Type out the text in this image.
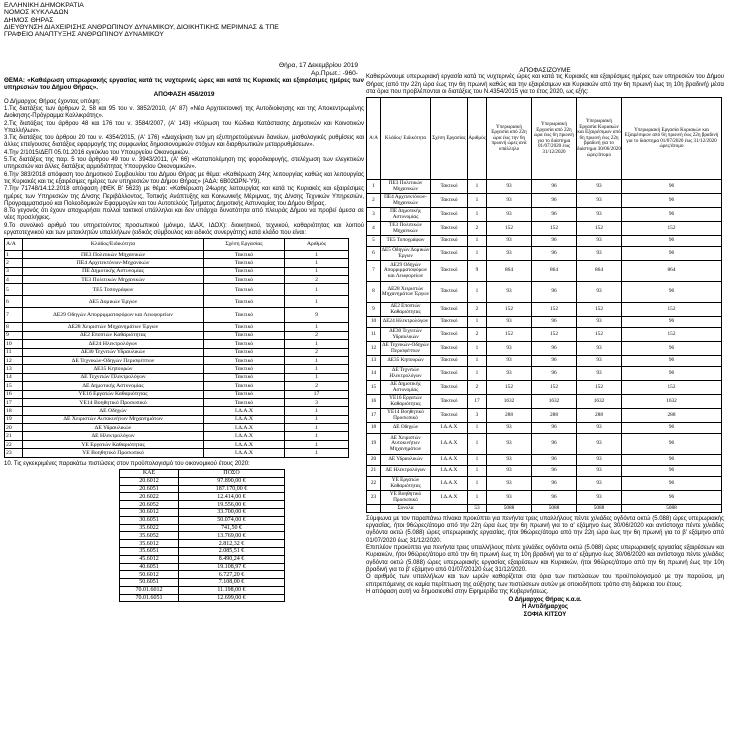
ΕΛΛΗΝΙΚΗ ΔΗΜΟΚΡΑΤΙΑ
ΝΟΜΟΣ ΚΥΚΛΑΔΩΝ
ΔΗΜΟΣ ΘΗΡΑΣ
ΔΙΕΥΘΥΝΣΗ ΔΙΑΧΕΙΡΙΣΗΣ ΑΝΘΡΩΠΙΝΟΥ ΔΥΝΑΜΙΚΟΥ, ΔΙΟΙΚΗΤΙΚΗΣ ΜΕΡΙΜΝΑΣ & ΤΠΕ
ΓΡΑΦΕΙΟ ΑΝΑΠΤΥΞΗΣ ΑΝΘΡΩΠΙΝΟΥ ΔΥΝΑΜΙΚΟΥ
Θήρα, 17 Δεκεμβρίου 2019
Αρ.Πρωτ.: -960-

ΘΕΜΑ: «Καθιέρωση υπερωριακής εργασίας κατά τις νυχτερινές ώρες και κατά τις Κυριακές και εξαιρέσιμες ημέρες των υπηρεσιών του Δήμου Θήρας».

ΑΠΟΦΑΣΗ 456/2019

Ο Δήμαρχος Θήρας έχοντας υπόψη:

1.Τις διατάξεις των άρθρων 2, 58 και 95 του ν. 3852/2010, (Α' 87) «Νέα Αρχιτεκτονική της Αυτοδιοίκησης και της Αποκεντρωμένης Διοίκησης-Πρόγραμμα Καλλικράτης».

2.Τις διατάξεις του άρθρου 48 και 176 του ν. 3584/2007, (Α' 143) «Κύρωση του Κώδικα Κατάστασης Δημοτικών και Κοινοτικών Υπαλλήλων».

3.Τις διατάξεις του άρθρου 20 του ν. 4354/2015, (Α' 176) «Διαχείριση των μη εξυπηρετούμενων δανείων, μισθολογικές ρυθμίσεις και άλλες επείγουσες διατάξεις εφαρμογής της συμφωνίας δημοσιονομικών στόχων και διαρθρωτικών μεταρρυθμίσεων».

4.Την 2/1015/ΔΕΠ 05.01.2016 εγκύκλιο του Υπουργείου Οικονομικών.

5.Τις διατάξεις της παρ. 5 του άρθρου 49 του ν. 3943/2011, (Α' 66) «Καταπολέμηση της φοροδιαφυγής, στελέχωση των ελεγκτικών υπηρεσιών και άλλες διατάξεις αρμοδιότητας Υπουργείου Οικονομικών».

6.Την 383/2018 απόφαση του Δημοτικού Συμβουλίου του Δήμου Θήρας με θέμα: «Καθιέρωση 24ης λειτουργίας καθώς και λειτουργίας τις Κυριακές και τις εξαιρέσιμες ημέρες των υπηρεσιών του Δήμου Θήρας» (ΑΔΑ: 6Β02ΩΡΝ-Ύ9).

7.Την 71748/14.12.2018 απόφαση (ΦΕΚ Β' 5623) με θέμα: «Καθιέρωση 24ωρης λειτουργίας και κατά τις Κυριακές και εξαιρέσιμες ημέρες των Υπηρεσιών της Δ/νσης Περιβάλλοντος, Τοπικής Ανάπτυξης και Κοινωνικής Μέριμνας, της Δ/νσης Τεχνικών Υπηρεσιών, Προγραμματισμού και Πολεοδομικών Εφαρμογών και του Αυτοτελούς Τμήματος Δημοτικής Αστυνομίας του Δήμου Θήρας.

8.Το γεγονός ότι έχουν αποχωρήσει πολλοί τακτικοί υπάλληλοι και δεν υπάρχει δυνατότητα από πλευράς Δήμου να προβεί άμεσα σε νέες προσλήψεις.

9.Το συνολικό αριθμό του υπηρετούντος προσωπικού (μόνιμο, ΙΔΑΧ, ΙΔΟΧ): διοικητικού, τεχνικού, καθαριότητας και λοιπού εργατοτεχνικού και των μετακλητών υπαλλήλων (ειδικός σύμβουλος και ειδικός συνεργάτης) κατά κλάδο που είναι:

Α/Α	Κλάδος/Ειδικότητα	Σχέση Εργασίας	Αριθμός
1	ΠΕ3 Πολιτικών Μηχανικών	Τακτικό	1
2	ΠΕ4 Αρχιτεκτόνων-Μηχανικών	Τακτικό	1
3	ΠΕ Δημοτικής Αστυνομίας	Τακτικό	1
4	ΤΕ3 Πολιτικών Μηχανικών	Τακτικό	2
5	ΤΕ5 Τοπογράφων	Τακτικό	1
6	ΔΕ5 Δομικών Έργων	Τακτικό	1
7	ΔΕ29 Οδηγών Απορριμματοφόρων και Λεωφορείων	Τακτικό	9
8	ΔΕ28 Χειριστών Μηχανημάτων Έργων	Τακτικό	1
9	ΔΕ2 Εποπτών Καθαριότητας	Τακτικό	2
10	ΔΕ24 Ηλεκτρολόγων	Τακτικό	1
11	ΔΕ30 Τεχνιτών Υδραυλικών	Τακτικό	2
12	ΔΕ Τεχνικών-Οδηγών Περισφέπτων	Τακτικό	1
13	ΔΕ35 Κηπουρών	Τακτικό	1
14	ΔΕ Τεχνιτών Πλεκτρολόγων	Τακτικό	1
15	ΔΕ Δημοτικής Αστυνομίας	Τακτικό	2
16	ΥΕ16 Εργατών Καθαριότητας	Τακτικό	17
17	ΥΕ14 Βοηθητικό Προσωπικό	Τακτικό	3
18	ΔΕ Οδηγών	Ι.Δ.Α.Χ	1
19	ΔΕ Χειριστών Αυτοκινήτων Μηχανημάτων	Ι.Δ.Α.Χ	1
20	ΔΕ Υδραυλικών	Ι.Δ.Α.Χ	1
21	ΔΕ Ηλεκτρολόγων	Ι.Δ.Α.Χ	1
22	ΥΕ Εργατών Καθαριότητας	Ι.Δ.Α.Χ	1
23	ΥΕ Βοηθητικό Προσωπικό	Ι.Δ.Α.Χ	1

10. Τις εγκεκριμένες παρακάτω πιστώσεις στον προϋπολογισμό του οικονομικού έτους 2020:

ΚΑΕ	ΠΟΣΟ
20.6012	97.890,00 €
20.6051	187.170,00 €
20.6022	12.414,00 €
20.6052	19.556,00 €
30.6012	33.700,00 €
30.6051	50.074,00 €
35.6022	741,50 €
35.6052	13.769,00 €
35.6012	2.812,32 €
35.6051	2.085,51 €
45.6012	8.490,24 €
40.6051	19.108,97 €
50.6012	6.727,20 €
50.6051	7.108,00 €
70.01.6012	11.198,00 €
70.01.6051	12.699,00 €

ΑΠΟΦΑΣΙΖΟΥΜΕ

Καθιερώνουμε υπερωριακή εργασία κατά τις νυχτερινές ώρες και κατά τις Κυριακές και εξαιρέσιμες ημέρες των υπηρεσιών του Δήμου Θήρας (από την 22η ώρα έως την 6η πρωινή καθώς και την εξαιρέσιμων και Κυριακών από την 6η πρωινή έως τη 10η βραδινή) μέσα στα όρια που προβλέπονται οι διατάξεις του Ν.4354/2015 για το έτος 2020, ως εξής:

Α/Α	Κλάδος/ Ειδικότητα	Σχέση Εργασίας	Αριθμός	Υπερωριακή Εργασία από 22η ώρα έως την 6η πρωινή ώρες ανά υπάλληλο	Υπερωριακή Εργασία από 22η ώρα έως 6η πρωινή για το διάστημα 01/07/2020 έως 31/12/2020	Υπερωριακή Εργασία Κυριακών και Εξαιρέσιμων από 6η πρωινή έως 22η βραδινή για το διάστημα 30/06/2020 ώρες/άτομο	Υπερωριακή Εργασία Κυριακών και Εξαιρέσιμων από 6η πρωινή έως 22η βραδινή για το διάστημα 01/07/2020 έως 31/12/2020 ώρες/άτομο
1	ΠΕ3 Πολιτικών Μηχανικών	Τακτικό	1	93	96	93	96
2	ΠΕ4 Αρχιτεκτόνων-Μηχανικών	Τακτικό	1	93	96	93	96
3	ΠΕ Δημοτικής Αστυνομίας	Τακτικό	1	93	96	93	96
4	ΤΕ3 Πολιτικών Μηχανικών	Τακτικό	2	152	152	152	152
5	ΤΕ5 Τοπογράφων	Τακτικό	1	93	96	93	96
6	ΔΕ5 Οδηγών Δομικών Έργων	Τακτικό	1	93	96	93	96
7	ΔΕ29 Οδηγών Απορριμματοφόρων και Λεωφορείων	Τακτικό	9	864	864	864	864
8	ΔΕ28 Χειριστών Μηχανημάτων Έργων	Τακτικό	1	93	96	93	96
9	ΔΕ2 Εποπτών Καθαριότητας	Τακτικό	2	152	152	152	152
10	ΔΕ24 Ηλεκτρολόγων	Τακτικό	1	93	96	93	96
11	ΔΕ30 Τεχνιτών Υδραυλικών	Τακτικό	2	152	152	152	152
12	ΔΕ Τεχνικών-Οδηγών Περισφέπτων	Τακτικό	1	93	96	93	96
13	ΔΕ35 Κηπουρών	Τακτικό	1	93	96	93	96
14	ΔΕ Τεχνιτών Ηλεκτρολόγων	Τακτικό	1	93	96	93	96
15	ΔΕ Δημοτικής Αστυνομίας	Τακτικό	2	152	152	152	152
16	ΥΕ16 Εργατών Καθαριότητας	Τακτικό	17	1632	1632	1632	1632
17	ΥΕ14 Βοηθητικό Προσωπικό	Τακτικό	3	288	288	288	288
18	ΔΕ Οδηγών	Ι.Δ.Α.Χ	1	93	96	93	96
19	ΔΕ Χειριστών Αυτοκινήτων Μηχανημάτων	Ι.Δ.Α.Χ	1	93	96	93	96
20	ΔΕ Υδραυλικών	Ι.Δ.Α.Χ	1	93	96	93	96
21	ΔΕ Ηλεκτρολόγων	Ι.Δ.Α.Χ	1	93	96	93	96
22	ΥΕ Εργατών Καθαριότητας	Ι.Δ.Α.Χ	1	93	96	93	96
23	ΥΕ Βοηθητικό Προσωπικό	Ι.Δ.Α.Χ	1	93	96	93	96
	Σύνολα		53	5088	5088	5088	5088

Σύμφωνα με τον παραπάνω πίνακα προκύπτει για πενήντα τρεις υπαλλήλους πέντε χιλιάδες ογδόντα οκτώ (5.088) ώρες υπερωριακής εργασίας, ήτοι 96ώρες/άτομο από την 22η ώρα έως την 6η πρωινή για το α' εξάμηνο έως 30/06/2020 και αντίστοιχα πέντε χιλιάδες ογδόντα οκτώ (5.088) ώρες υπερωριακής εργασίας, ήτοι 96ώρες/άτομο από την 22η ώρα έως την 6η πρωινή για το β' εξάμηνο από 01/07/2020 έως 31/12/2020.

Επιπλέον προκύπτει για πενήντα τρεις υπαλλήλους πέντε χιλιάδες ογδόντα οκτώ (5.088) ώρες υπερωριακής εργασίας εξαιρέσεων και Κυριακών, ήτοι 96ώρες/άτομο από την 6η πρωινή έως τη 10η βραδινή για το α' εξάμηνο έως 30/06/2020 και αντίστοιχα πέντε χιλιάδες ογδόντα οκτώ (5.088) ώρες υπερωριακής εργασίας εξαιρέσεων και Κυριακών, ήτοι 96ώρες/άτομο από την 6η πρωινή έως την 10η βραδινή για το β' εξάμηνο από 01/07/20120 έως 31/12/2020.

Ο αριθμός των υπαλλήλων και των ωρών καθορίζεται στα όρια των πιστώσεων του προϋπολογισμού με την παρούσα, μη επιτρεπόμενης σε καμία περίπτωση της αύξησης των πιστώσεων αυτών με οποιοδήποτε τρόπο στη διάρκεια του έτους.

Η απόφαση αυτή να δημοσιευθεί στην Εφημερίδα της Κυβερνήσεως.

Ο Δήμαρχος Θήρας κ.α.α.
Η Αντιδήμαρχος
ΣΟΦΙΑ ΚΙΤΣΟΥ
